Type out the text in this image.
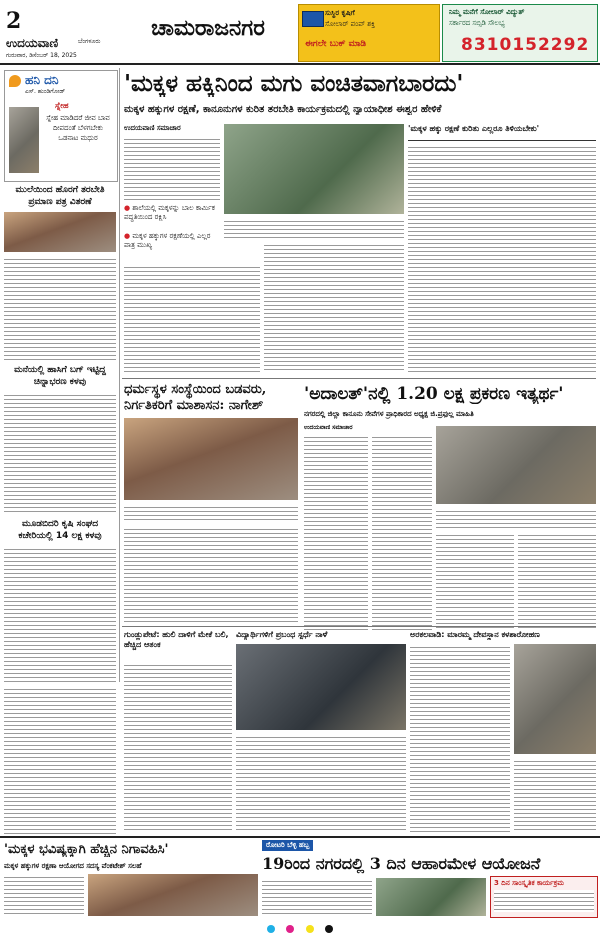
2
ಉದಯವಾಣಿ	ಬೆಂಗಳೂರು
ಗುರುವಾರ, ಡಿಸೆಂಬರ್ 18, 2025
ಚಾಮರಾಜನಗರ
ಸುಸ್ಥಿರ ಕೃಷಿಗೆ
ಸೋಲಾರ್ ಪಂಪ್ ಶಕ್ತಿ
ಈಗಲೇ ಬುಕ್ ಮಾಡಿ
ನಿಮ್ಮ ಮನೆಗೆ ಸೋಲಾರ್ ವಿದ್ಯುತ್
ಸರ್ಕಾರದ ಸಬ್ಸಿಡಿ ಸೌಲಭ್ಯ
8310152292
ಹನಿ ದನಿ
ಎಸ್. ಹುಂಡಿಗೋಡ್
ಸ್ನೇಹ
ಸ್ನೇಹ ಮಾಡಿದರೆ ಜೀವ ಬಾವ ದೀಪದಂತೆ ಬೆಳಗಬೇಕು ಒಡನಾಟ ಮಧುರ
ಮುಲೆಯಿಂದ ಹೊರಗೆ ತರಬೇತಿ ಪ್ರಮಾಣ ಪತ್ರ ವಿತರಣೆ
ಮನೆಯಲ್ಲಿ ಹಾಸಿಗೆ ಬಗ್ ಇಟ್ಟಿದ್ದ ಚಿನ್ನಾಭರಣ ಕಳವು
ಮೂಡಬಿದರಿ ಕೃಷಿ ಸಂಘದ ಕಚೇರಿಯಲ್ಲಿ 14 ಲಕ್ಷ ಕಳವು
'ಮಕ್ಕಳ ಹಕ್ಕಿನಿಂದ ಮಗು ವಂಚಿತವಾಗಬಾರದು'
ಮಕ್ಕಳ ಹಕ್ಕುಗಳ ರಕ್ಷಣೆ, ಕಾನೂನುಗಳ ಕುರಿತ ತರಬೇತಿ ಕಾರ್ಯಕ್ರಮದಲ್ಲಿ ನ್ಯಾಯಾಧೀಶ ಈಶ್ವರ ಹೇಳಿಕೆ
ಉದಯವಾಣಿ ಸಮಾಚಾರ
● ಶಾಲೆಯಲ್ಲಿ ಮಕ್ಕಳನ್ನು ಬಾಲ ಕಾರ್ಮಿಕ ಪದ್ಧತಿಯಿಂದ ರಕ್ಷಿಸಿ
● ಮಕ್ಕಳ ಹಕ್ಕುಗಳ ರಕ್ಷಣೆಯಲ್ಲಿ ಎಲ್ಲರ ಪಾತ್ರ ಮುಖ್ಯ
'ಮಕ್ಕಳ ಹಕ್ಕು ರಕ್ಷಣೆ ಕುರಿತು ಎಲ್ಲರೂ ತಿಳಿಯಬೇಕು'
ಧರ್ಮಸ್ಥಳ ಸಂಸ್ಥೆಯಿಂದ ಬಡವರು, ನಿರ್ಗತಿಕರಿಗೆ ಮಾಶಾಸನ: ನಾಗೇಶ್
'ಅದಾಲತ್'ನಲ್ಲಿ 1.20 ಲಕ್ಷ ಪ್ರಕರಣ ಇತ್ಯರ್ಥ'
ನಗರದಲ್ಲಿ ಜಿಲ್ಲಾ ಕಾನೂನು ಸೇವೆಗಳ ಪ್ರಾಧಿಕಾರದ ಅಧ್ಯಕ್ಷ ಜಿ.ಪ್ರಫುಲ್ಲ ಮಾಹಿತಿ
ಉದಯವಾಣಿ ಸಮಾಚಾರ
ಗುಂಡ್ಲುಪೇಟೆ: ಹುಲಿ ದಾಳಿಗೆ ಮೇಕೆ ಬಲಿ, ಹೆಚ್ಚಿದ ಆತಂಕ
ವಿದ್ಯಾರ್ಥಿಗಳಿಗೆ ಪ್ರಬಂಧ ಸ್ಪರ್ಧೆ ನಾಳೆ	ಅರಕಲವಾಡಿ: ಮಾರಮ್ಮ ದೇವಸ್ಥಾನ ಕಳಶಾರೋಹಣ
'ಮಕ್ಕಳ ಭವಿಷ್ಯಕ್ಕಾಗಿ ಹೆಚ್ಚಿನ ನಿಗಾವಹಿಸಿ'
ಮಕ್ಕಳ ಹಕ್ಕುಗಳ ರಕ್ಷಣಾ ಆಯೋಗದ ಸದಸ್ಯ ವೆಂಕಟೇಶ್ ಸಲಹೆ
ರೋಟರಿ ಬೆಳ್ಳಿ ಹಬ್ಬ
19ರಿಂದ ನಗರದಲ್ಲಿ 3 ದಿನ ಆಹಾರಮೇಳ ಆಯೋಜನೆ
3 ದಿನ ಸಾಂಸ್ಕೃತಿಕ ಕಾರ್ಯಕ್ರಮ
